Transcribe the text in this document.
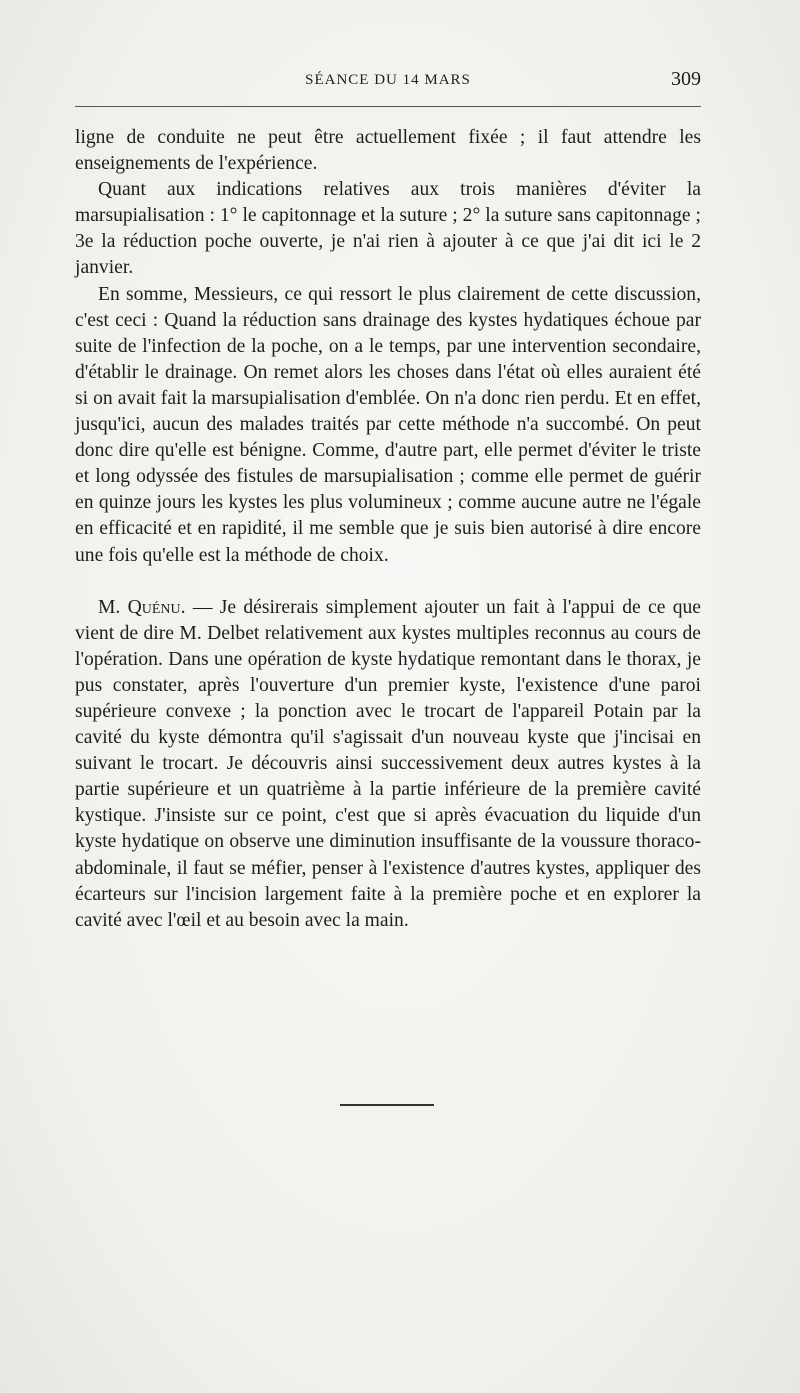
SÉANCE DU 14 MARS	309

ligne de conduite ne peut être actuellement fixée ; il faut attendre les enseignements de l'expérience.

Quant aux indications relatives aux trois manières d'éviter la marsupialisation : 1° le capitonnage et la suture ; 2° la suture sans capitonnage ; 3e la réduction poche ouverte, je n'ai rien à ajouter à ce que j'ai dit ici le 2 janvier.

En somme, Messieurs, ce qui ressort le plus clairement de cette discussion, c'est ceci : Quand la réduction sans drainage des kystes hydatiques échoue par suite de l'infection de la poche, on a le temps, par une intervention secondaire, d'établir le drainage. On remet alors les choses dans l'état où elles auraient été si on avait fait la marsupialisation d'emblée. On n'a donc rien perdu. Et en effet, jusqu'ici, aucun des malades traités par cette méthode n'a succombé. On peut donc dire qu'elle est bénigne. Comme, d'autre part, elle permet d'éviter le triste et long odyssée des fistules de marsupialisation ; comme elle permet de guérir en quinze jours les kystes les plus volumineux ; comme aucune autre ne l'égale en efficacité et en rapidité, il me semble que je suis bien autorisé à dire encore une fois qu'elle est la méthode de choix.

M. Quénu. — Je désirerais simplement ajouter un fait à l'appui de ce que vient de dire M. Delbet relativement aux kystes multiples reconnus au cours de l'opération. Dans une opération de kyste hydatique remontant dans le thorax, je pus constater, après l'ouverture d'un premier kyste, l'existence d'une paroi supérieure convexe ; la ponction avec le trocart de l'appareil Potain par la cavité du kyste démontra qu'il s'agissait d'un nouveau kyste que j'incisai en suivant le trocart. Je découvris ainsi successivement deux autres kystes à la partie supérieure et un quatrième à la partie inférieure de la première cavité kystique. J'insiste sur ce point, c'est que si après évacuation du liquide d'un kyste hydatique on observe une diminution insuffisante de la voussure thoraco-abdominale, il faut se méfier, penser à l'existence d'autres kystes, appliquer des écarteurs sur l'incision largement faite à la première poche et en explorer la cavité avec l'œil et au besoin avec la main.
